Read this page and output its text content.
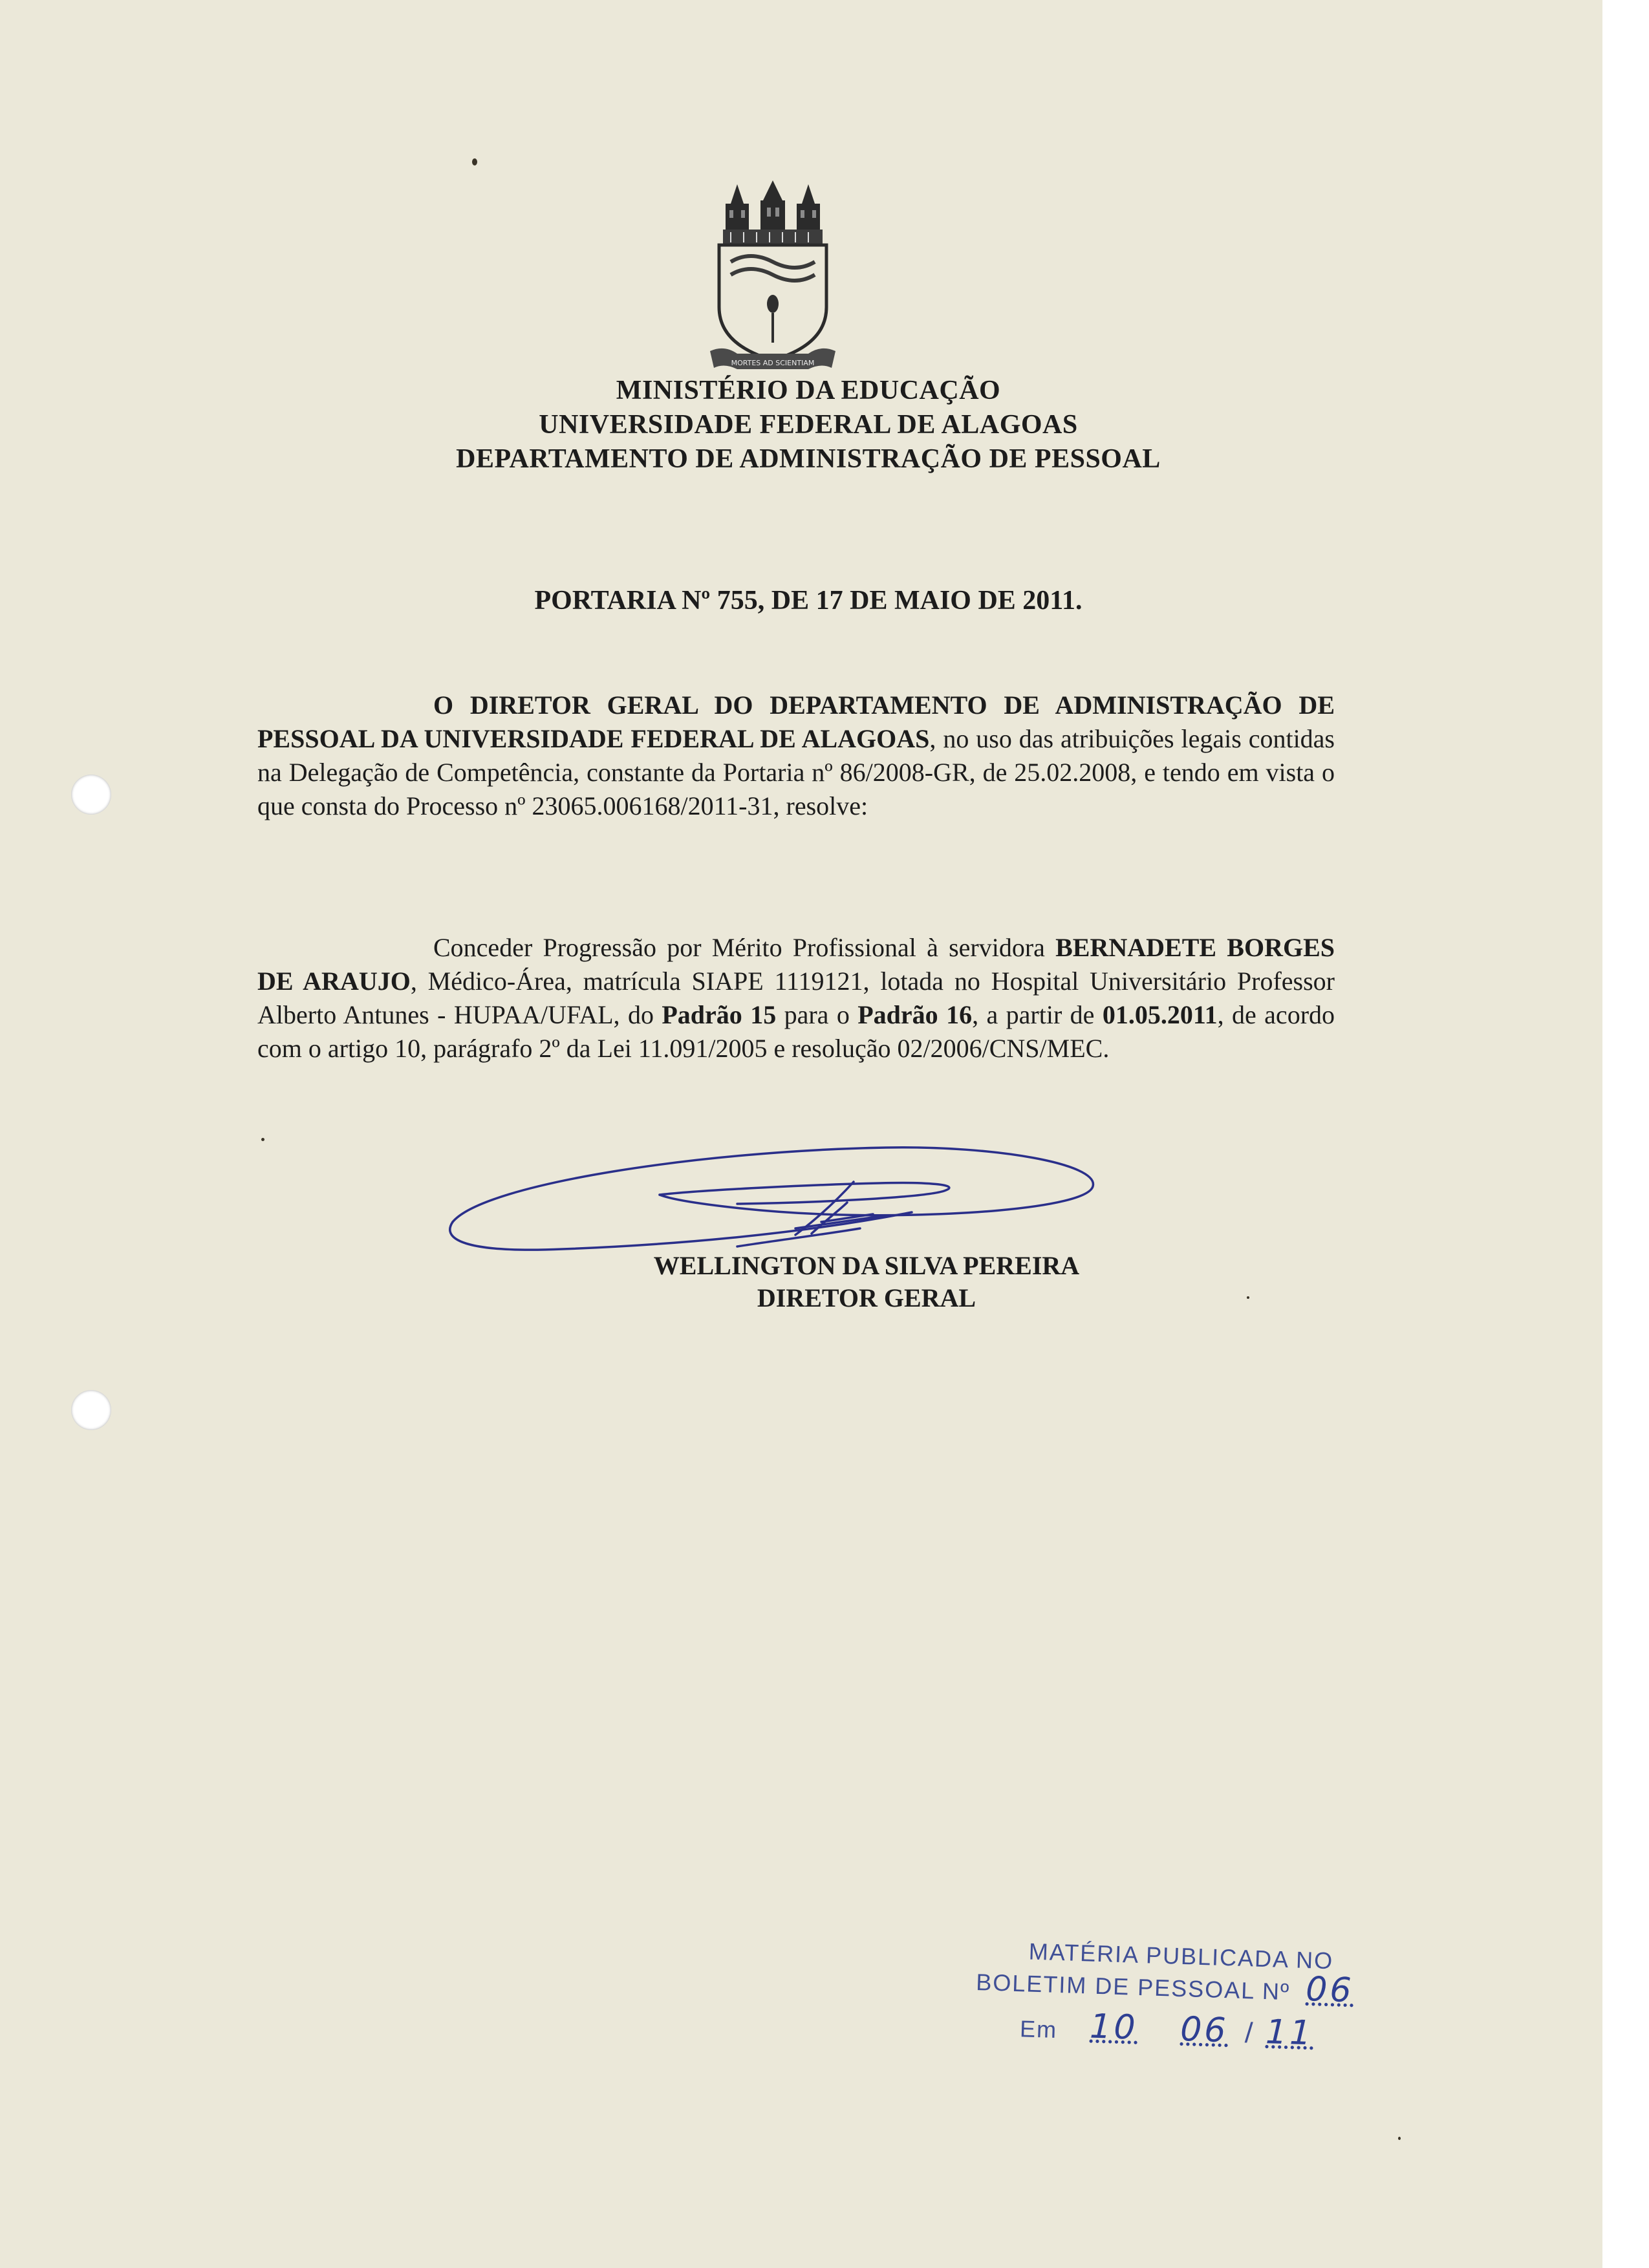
MORTES AD SCIENTIAM
MINISTÉRIO DA EDUCAÇÃO
UNIVERSIDADE FEDERAL DE ALAGOAS
DEPARTAMENTO DE ADMINISTRAÇÃO DE PESSOAL
PORTARIA Nº 755, DE 17 DE MAIO DE 2011.
O DIRETOR GERAL DO DEPARTAMENTO DE ADMINISTRAÇÃO DE PESSOAL DA UNIVERSIDADE FEDERAL DE ALAGOAS, no uso das atribuições legais contidas na Delegação de Competência, constante da Portaria nº 86/2008-GR, de 25.02.2008, e tendo em vista o que consta do Processo nº 23065.006168/2011-31, resolve:
Conceder Progressão por Mérito Profissional à servidora BERNADETE BORGES DE ARAUJO, Médico-Área, matrícula SIAPE 1119121, lotada no Hospital Universitário Professor Alberto Antunes - HUPAA/UFAL, do Padrão 15 para o Padrão 16, a partir de 01.05.2011, de acordo com o artigo 10, parágrafo 2º da Lei 11.091/2005 e resolução 02/2006/CNS/MEC.
WELLINGTON DA SILVA PEREIRA
DIRETOR GERAL
MATÉRIA PUBLICADA NO
BOLETIM DE PESSOAL Nº 06
Em 10 06 / 11
